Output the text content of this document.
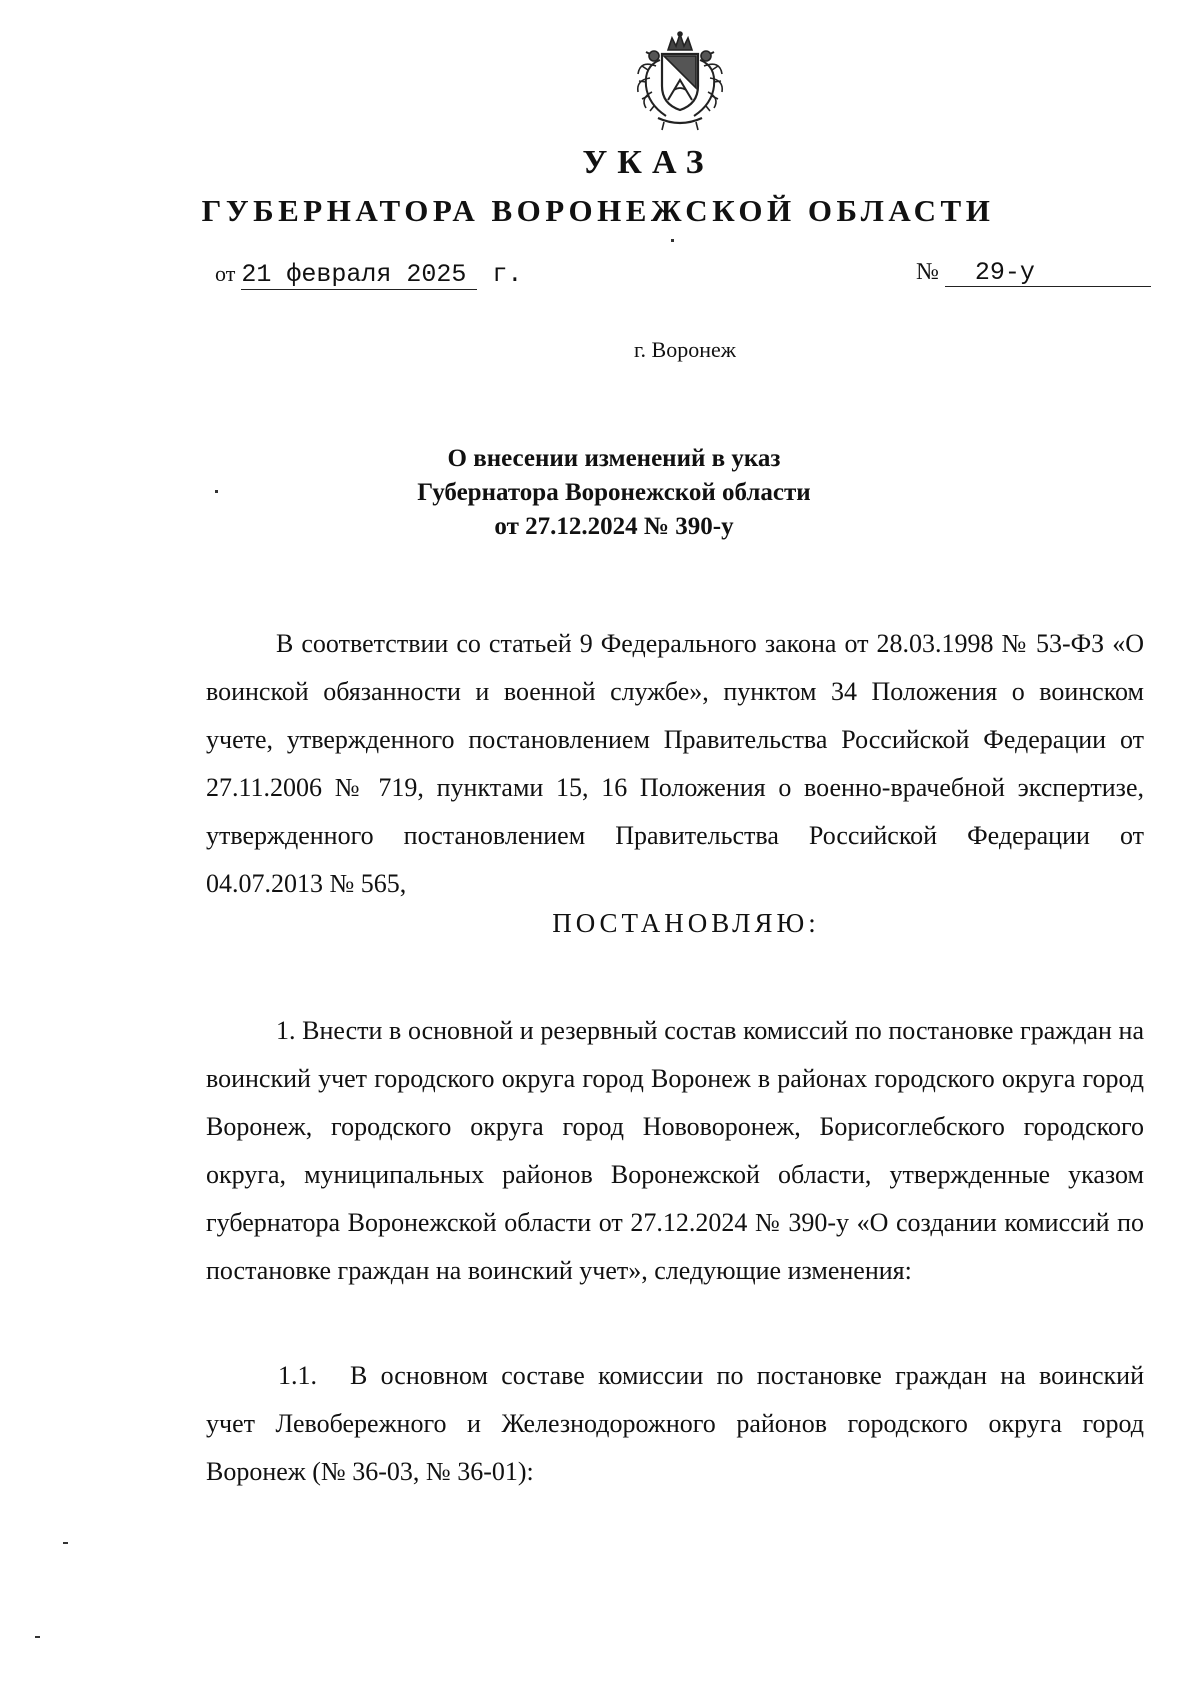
УКАЗ
ГУБЕРНАТОРА ВОРОНЕЖСКОЙ ОБЛАСТИ
от 21 февраля 2025 г.	№ 29-у
г. Воронеж
О внесении изменений в указ
Губернатора Воронежской области
от 27.12.2024 № 390-у

В соответствии со статьей 9 Федерального закона от 28.03.1998 № 53-ФЗ «О воинской обязанности и военной службе», пунктом 34 Положения о воинском учете, утвержденного постановлением Правительства Российской Федерации от 27.11.2006 № 719, пунктами 15, 16 Положения о военно-врачебной экспертизе, утвержденного постановлением Правительства Российской Федерации от 04.07.2013 № 565,

ПОСТАНОВЛЯЮ:

1. Внести в основной и резервный состав комиссий по постановке граждан на воинский учет городского округа город Воронеж в районах городского округа город Воронеж, городского округа город Нововоронеж, Борисоглебского городского округа, муниципальных районов Воронежской области, утвержденные указом губернатора Воронежской области от 27.12.2024 № 390-у «О создании комиссий по постановке граждан на воинский учет», следующие изменения:

1.1. В основном составе комиссии по постановке граждан на воинский учет Левобережного и Железнодорожного районов городского округа город Воронеж (№ 36-03, № 36-01):
